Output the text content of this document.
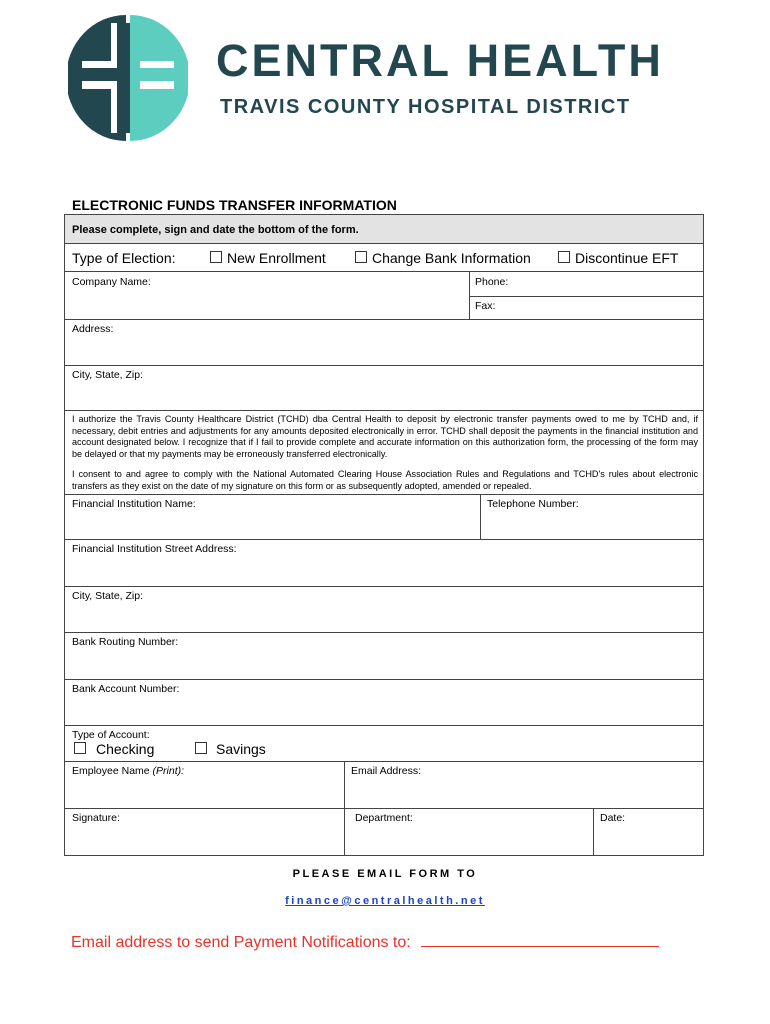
CENTRAL HEALTH
TRAVIS COUNTY HOSPITAL DISTRICT
ELECTRONIC FUNDS TRANSFER INFORMATION
Please complete, sign and date the bottom of the form.
Type of Election:	New Enrollment	Change Bank Information	Discontinue EFT
Company Name:	Phone:
Fax:
Address:
City, State, Zip:
I authorize the Travis County Healthcare District (TCHD) dba Central Health to deposit by electronic transfer payments owed to me by TCHD and, if necessary, debit entries and adjustments for any amounts deposited electronically in error. TCHD shall deposit the payments in the financial institution and account designated below. I recognize that if I fail to provide complete and accurate information on this authorization form, the processing of the form may be delayed or that my payments may be erroneously transferred electronically.
I consent to and agree to comply with the National Automated Clearing House Association Rules and Regulations and TCHD's rules about electronic transfers as they exist on the date of my signature on this form or as subsequently adopted, amended or repealed.
Financial Institution Name:	Telephone Number:
Financial Institution Street Address:
City, State, Zip:
Bank Routing Number:
Bank Account Number:
Type of Account:
Checking	Savings
Employee Name (Print):	Email Address:
Signature:	Department:	Date:
PLEASE EMAIL FORM TO
finance@centralhealth.net
Email address to send Payment Notifications to:
